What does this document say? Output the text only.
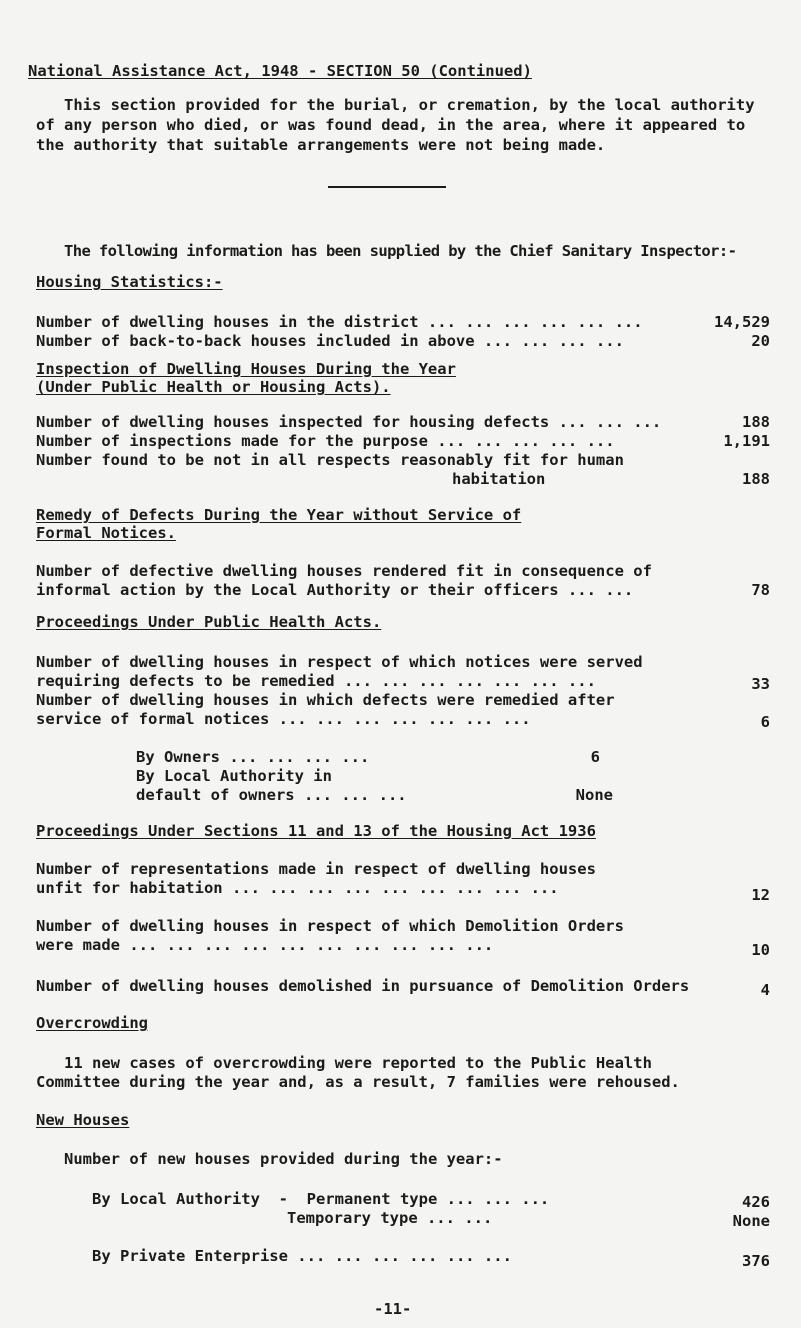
National Assistance Act, 1948 - SECTION 50 (Continued)
This section provided for the burial, or cremation, by the local authority
of any person who died, or was found dead, in the area, where it appeared to
the authority that suitable arrangements were not being made.
The following information has been supplied by the Chief Sanitary Inspector:-
Housing Statistics:-
Number of dwelling houses in the district ... ... ... ... ... ...	14,529
Number of back-to-back houses included in above ... ... ... ...	20
Inspection of Dwelling Houses During the Year
(Under Public Health or Housing Acts).
Number of dwelling houses inspected for housing defects ... ... ...	188
Number of inspections made for the purpose ... ... ... ... ...	1,191
Number found to be not in all respects reasonably fit for human
habitation	188
Remedy of Defects During the Year without Service of
Formal Notices.
Number of defective dwelling houses rendered fit in consequence of
informal action by the Local Authority or their officers ... ...	78
Proceedings Under Public Health Acts.
Number of dwelling houses in respect of which notices were served
requiring defects to be remedied ... ... ... ... ... ... ...	33
Number of dwelling houses in which defects were remedied after
service of formal notices ... ... ... ... ... ... ...	6
By Owners ... ... ... ...	6
By Local Authority in
default of owners ... ... ...	None
Proceedings Under Sections 11 and 13 of the Housing Act 1936
Number of representations made in respect of dwelling houses
unfit for habitation ... ... ... ... ... ... ... ... ...	12
Number of dwelling houses in respect of which Demolition Orders
were made ... ... ... ... ... ... ... ... ... ...	10
Number of dwelling houses demolished in pursuance of Demolition Orders	4
Overcrowding
11 new cases of overcrowding were reported to the Public Health
Committee during the year and, as a result, 7 families were rehoused.
New Houses
Number of new houses provided during the year:-
By Local Authority  -  Permanent type ... ... ...	426
Temporary type ... ...	None
By Private Enterprise ... ... ... ... ... ...	376
-11-
